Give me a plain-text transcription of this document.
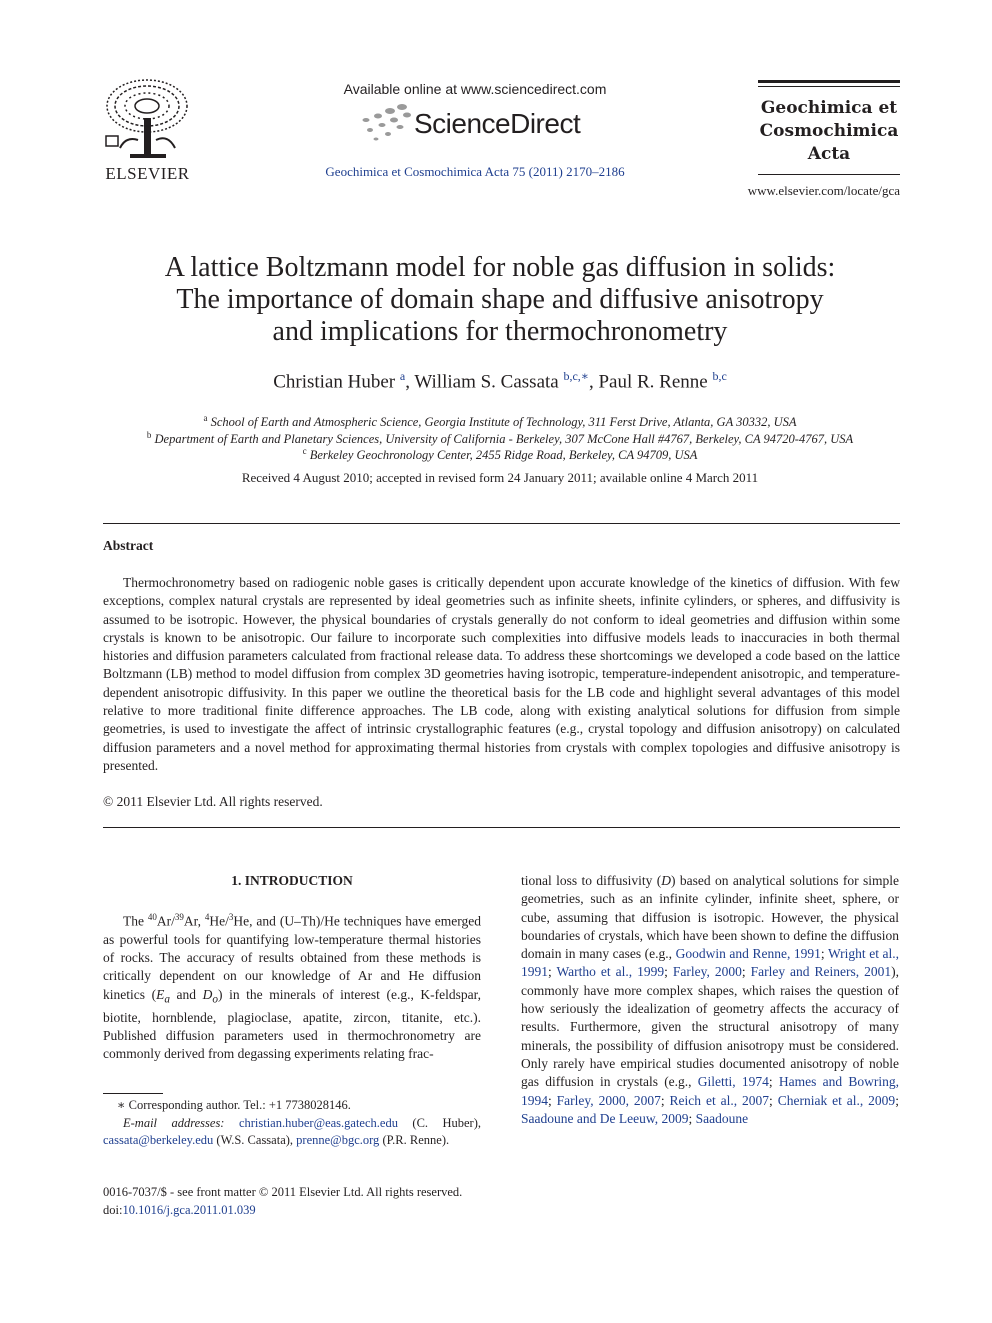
ELSEVIER
Available online at www.sciencedirect.com
ScienceDirect
Geochimica et Cosmochimica Acta 75 (2011) 2170–2186
Geochimica et
Cosmochimica
Acta
www.elsevier.com/locate/gca
A lattice Boltzmann model for noble gas diffusion in solids:
The importance of domain shape and diffusive anisotropy
and implications for thermochronometry
Christian Huber $^a$, William S. Cassata $^{b,c,∗}$, Paul R. Renne $^{b,c}$
$^a$ School of Earth and Atmospheric Science, Georgia Institute of Technology, 311 Ferst Drive, Atlanta, GA 30332, USA
$^b$ Department of Earth and Planetary Sciences, University of California - Berkeley, 307 McCone Hall #4767, Berkeley, CA 94720-4767, USA
$^c$ Berkeley Geochronology Center, 2455 Ridge Road, Berkeley, CA 94709, USA
Received 4 August 2010; accepted in revised form 24 January 2011; available online 4 March 2011
Abstract
Thermochronometry based on radiogenic noble gases is critically dependent upon accurate knowledge of the kinetics of diffusion. With few exceptions, complex natural crystals are represented by ideal geometries such as infinite sheets, infinite cylinders, or spheres, and diffusivity is assumed to be isotropic. However, the physical boundaries of crystals generally do not conform to ideal geometries and diffusion within some crystals is known to be anisotropic. Our failure to incorporate such complexities into diffusive models leads to inaccuracies in both thermal histories and diffusion parameters calculated from fractional release data. To address these shortcomings we developed a code based on the lattice Boltzmann (LB) method to model diffusion from complex 3D geometries having isotropic, temperature-independent anisotropic, and temperature-dependent anisotropic diffusivity. In this paper we outline the theoretical basis for the LB code and highlight several advantages of this model relative to more traditional finite difference approaches. The LB code, along with existing analytical solutions for diffusion from simple geometries, is used to investigate the affect of intrinsic crystallographic features (e.g., crystal topology and diffusion anisotropy) on calculated diffusion parameters and a novel method for approximating thermal histories from crystals with complex topologies and diffusive anisotropy is presented.
© 2011 Elsevier Ltd. All rights reserved.
1. INTRODUCTION
The $^{40}$Ar/$^{39}$Ar, $^4$He/$^3$He, and (U–Th)/He techniques have emerged as powerful tools for quantifying low-temperature thermal histories of rocks. The accuracy of results obtained from these methods is critically dependent on our knowledge of Ar and He diffusion kinetics ($E_a$ and $D_o$) in the minerals of interest (e.g., K-feldspar, biotite, hornblende, plagioclase, apatite, zircon, titanite, etc.). Published diffusion parameters used in thermochronometry are commonly derived from degassing experiments relating frac-
tional loss to diffusivity (D) based on analytical solutions for simple geometries, such as an infinite cylinder, infinite sheet, sphere, or cube, assuming that diffusion is isotropic. However, the physical boundaries of crystals, which have been shown to define the diffusion domain in many cases (e.g., Goodwin and Renne, 1991; Wright et al., 1991; Wartho et al., 1999; Farley, 2000; Farley and Reiners, 2001), commonly have more complex shapes, which raises the question of how seriously the idealization of geometry affects the accuracy of results. Furthermore, given the structural anisotropy of many minerals, the possibility of diffusion anisotropy must be considered. Only rarely have empirical studies documented anisotropy of noble gas diffusion in crystals (e.g., Giletti, 1974; Hames and Bowring, 1994; Farley, 2000, 2007; Reich et al., 2007; Cherniak et al., 2009; Saadoune and De Leeuw, 2009; Saadoune
∗ Corresponding author. Tel.: +1 7738028146.
E-mail addresses: christian.huber@eas.gatech.edu (C. Huber), cassata@berkeley.edu (W.S. Cassata), prenne@bgc.org (P.R. Renne).
0016-7037/$ - see front matter © 2011 Elsevier Ltd. All rights reserved.
doi:10.1016/j.gca.2011.01.039
